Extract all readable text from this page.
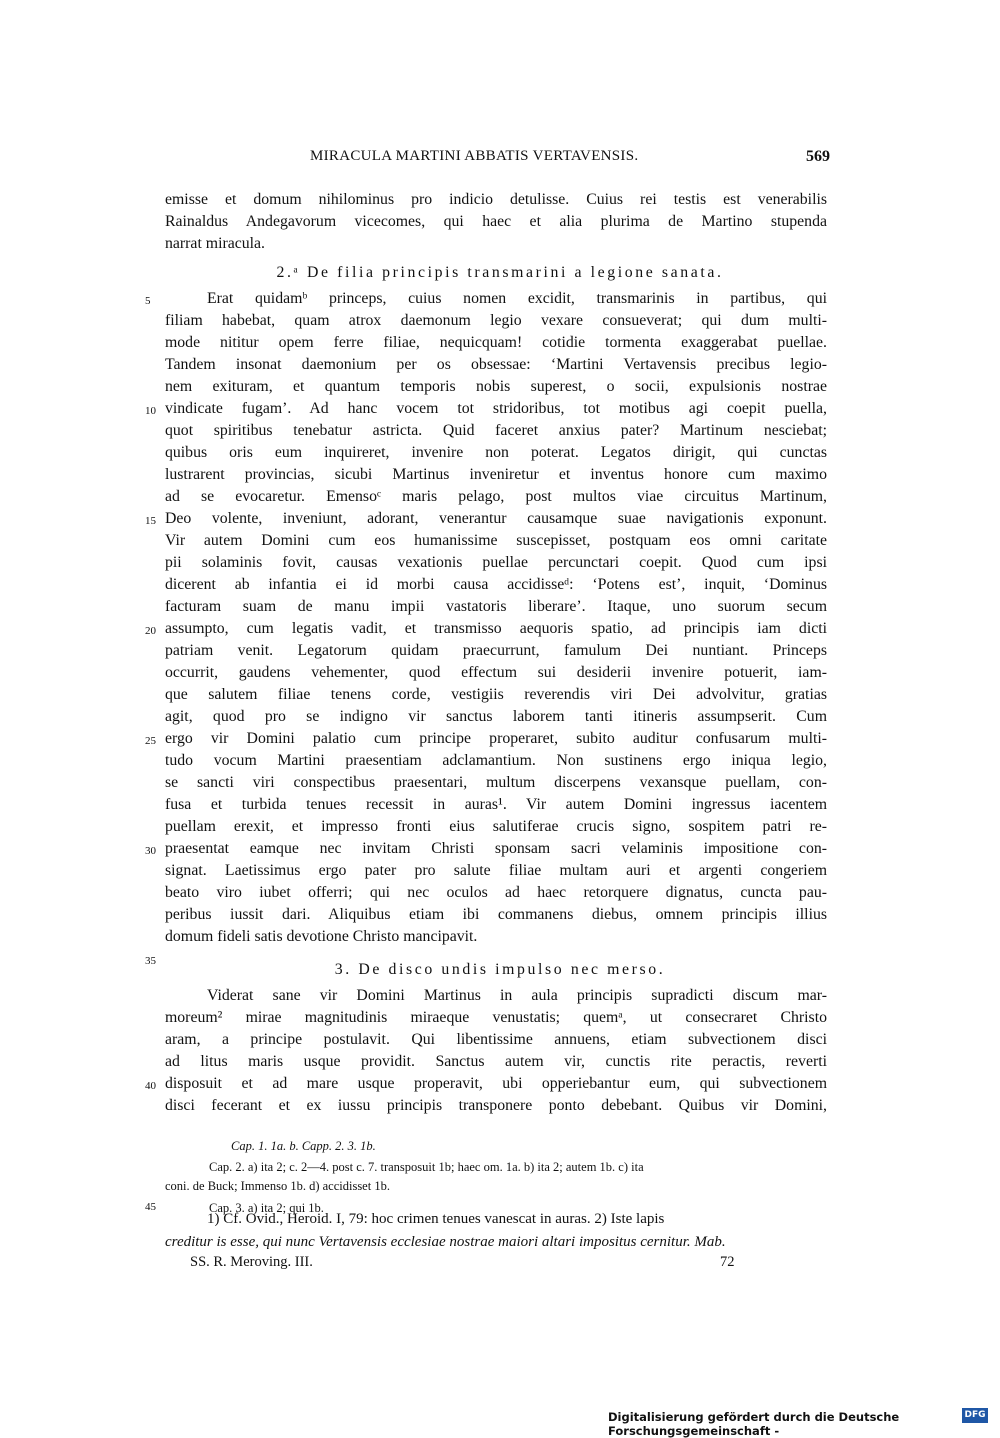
MIRACULA MARTINI ABBATIS VERTAVENSIS.	569
emisse et domum nihilominus pro indicio detulisse. Cuius rei testis est venerabilis
Rainaldus Andegavorum vicecomes, qui haec et alia plurima de Martino stupenda
narrat miracula.
2.ᵃ De filia principis transmarini a legione sanata.
Erat quidamᵇ princeps, cuius nomen excidit, transmarinis in partibus, qui
filiam habebat, quam atrox daemonum legio vexare consueverat; qui dum multi-
mode nititur opem ferre filiae, nequicquam! cotidie tormenta exaggerabat puellae.
Tandem insonat daemonium per os obsessae: ‘Martini Vertavensis precibus legio-
nem exituram, et quantum temporis nobis superest, o socii, expulsionis nostrae
vindicate fugam’. Ad hanc vocem tot stridoribus, tot motibus agi coepit puella,
quot spiritibus tenebatur astricta. Quid faceret anxius pater? Martinum nesciebat;
quibus oris eum inquireret, invenire non poterat. Legatos dirigit, qui cunctas
lustrarent provincias, sicubi Martinus inveniretur et inventus honore cum maximo
ad se evocaretur. Emensoᶜ maris pelago, post multos viae circuitus Martinum,
Deo volente, inveniunt, adorant, venerantur causamque suae navigationis exponunt.
Vir autem Domini cum eos humanissime suscepisset, postquam eos omni caritate
pii solaminis fovit, causas vexationis puellae percunctari coepit. Quod cum ipsi
dicerent ab infantia ei id morbi causa accidisseᵈ: ‘Potens est’, inquit, ‘Dominus
facturam suam de manu impii vastatoris liberare’. Itaque, uno suorum secum
assumpto, cum legatis vadit, et transmisso aequoris spatio, ad principis iam dicti
patriam venit. Legatorum quidam praecurrunt, famulum Dei nuntiant. Princeps
occurrit, gaudens vehementer, quod effectum sui desiderii invenire potuerit, iam-
que salutem filiae tenens corde, vestigiis reverendis viri Dei advolvitur, gratias
agit, quod pro se indigno vir sanctus laborem tanti itineris assumpserit. Cum
ergo vir Domini palatio cum principe properaret, subito auditur confusarum multi-
tudo vocum Martini praesentiam adclamantium. Non sustinens ergo iniqua legio,
se sancti viri conspectibus praesentari, multum discerpens vexansque puellam, con-
fusa et turbida tenues recessit in auras¹. Vir autem Domini ingressus iacentem
puellam erexit, et impresso fronti eius salutiferae crucis signo, sospitem patri re-
praesentat eamque nec invitam Christi sponsam sacri velaminis impositione con-
signat. Laetissimus ergo pater pro salute filiae multam auri et argenti congeriem
beato viro iubet offerri; qui nec oculos ad haec retorquere dignatus, cuncta pau-
peribus iussit dari. Aliquibus etiam ibi commanens diebus, omnem principis illius
domum fideli satis devotione Christo mancipavit.
3. De disco undis impulso nec merso.
Viderat sane vir Domini Martinus in aula principis supradicti discum mar-
moreum² mirae magnitudinis miraeque venustatis; quemᵃ, ut consecraret Christo
aram, a principe postulavit. Qui libentissime annuens, etiam subvectionem disci
ad litus maris usque providit. Sanctus autem vir, cunctis rite peractis, reverti
disposuit et ad mare usque properavit, ubi opperiebantur eum, qui subvectionem
disci fecerant et ex iussu principis transponere ponto debebant. Quibus vir Domini,
5
10
15
20
25
30
35
40
45
Cap. 1. 1a. b. Capp. 2. 3. 1b.
Cap. 2. a) ita 2; c. 2—4. post c. 7. transposuit 1b; haec om. 1a. b) ita 2; autem 1b. c) ita
coni. de Buck; Immenso 1b. d) accidisset 1b.
Cap. 3. a) ita 2; qui 1b.
1) Cf. Ovid., Heroid. I, 79: hoc crimen tenues vanescat in auras. 2) Iste lapis
creditur is esse, qui nunc Vertavensis ecclesiae nostrae maiori altari impositus cernitur. Mab.
SS. R. Meroving. III.	72
Digitalisierung gefördert durch die Deutsche Forschungsgemeinschaft -
DFG
